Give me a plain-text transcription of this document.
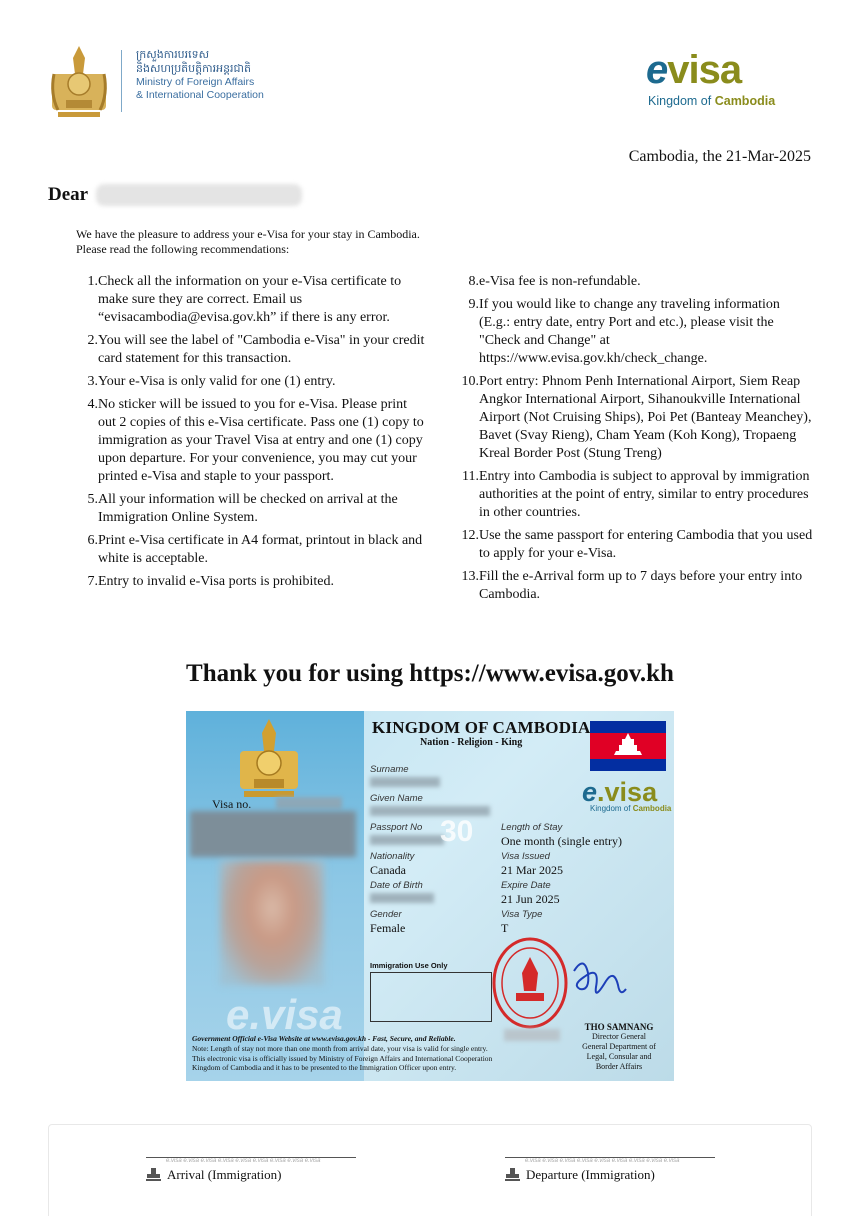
ក្រសួងការបរទេស
និងសហប្រតិបត្តិការអន្តរជាតិ
Ministry of Foreign Affairs
& International Cooperation
evisa
Kingdom of Cambodia
Cambodia, the 21-Mar-2025
Dear
We have the pleasure to address your e-Visa for your stay in Cambodia.
Please read the following recommendations:
1. Check all the information on your e-Visa certificate to make sure they are correct. Email us “evisacambodia@evisa.gov.kh” if there is any error.
2. You will see the label of "Cambodia e-Visa" in your credit card statement for this transaction.
3. Your e-Visa is only valid for one (1) entry.
4. No sticker will be issued to you for e-Visa. Please print out 2 copies of this e-Visa certificate. Pass one (1) copy to immigration as your Travel Visa at entry and one (1) copy upon departure. For your convenience, you may cut your printed e-Visa and staple to your passport.
5. All your information will be checked on arrival at the Immigration Online System.
6. Print e-Visa certificate in A4 format, printout in black and white is acceptable.
7. Entry to invalid e-Visa ports is prohibited.
8. e-Visa fee is non-refundable.
9. If you would like to change any traveling information (E.g.: entry date, entry Port and etc.), please visit the "Check and Change" at https://www.evisa.gov.kh/check_change.
10. Port entry: Phnom Penh International Airport, Siem Reap Angkor International Airport, Sihanoukville International Airport (Not Cruising Ships), Poi Pet (Banteay Meanchey), Bavet (Svay Rieng), Cham Yeam (Koh Kong), Tropaeng Kreal Border Post (Stung Treng)
11. Entry into Cambodia is subject to approval by immigration authorities at the point of entry, similar to entry procedures in other countries.
12. Use the same passport for entering Cambodia that you used to apply for your e-Visa.
13. Fill the e-Arrival form up to 7 days before your entry into Cambodia.
Thank you for using https://www.evisa.gov.kh
Visa no.
e.visa
KINGDOM OF CAMBODIA
Nation - Religion - King
e.visa
Kingdom of Cambodia
Surname
Given Name
Passport No 30
Nationality
Canada
Date of Birth
Gender
Female
Length of Stay
One month (single entry)
Visa Issued
21 Mar 2025
Expire Date
21 Jun 2025
Visa Type
T
Immigration Use Only
THO SAMNANG
Director General
General Department of
Legal, Consular and
Border Affairs
Government Official e-Visa Website at www.evisa.gov.kh - Fast, Secure, and Reliable.
Note: Length of stay not more than one month from arrival date, your visa is valid for single entry.
This electronic visa is officially issued by Ministry of Foreign Affairs and International Cooperation
Kingdom of Cambodia and it has to be presented to the Immigration Officer upon entry.
e.visa e.visa e.visa e.visa e.visa e.visa e.visa e.visa e.visa
Arrival (Immigration)
e.visa e.visa e.visa e.visa e.visa e.visa e.visa e.visa e.visa
Departure (Immigration)
